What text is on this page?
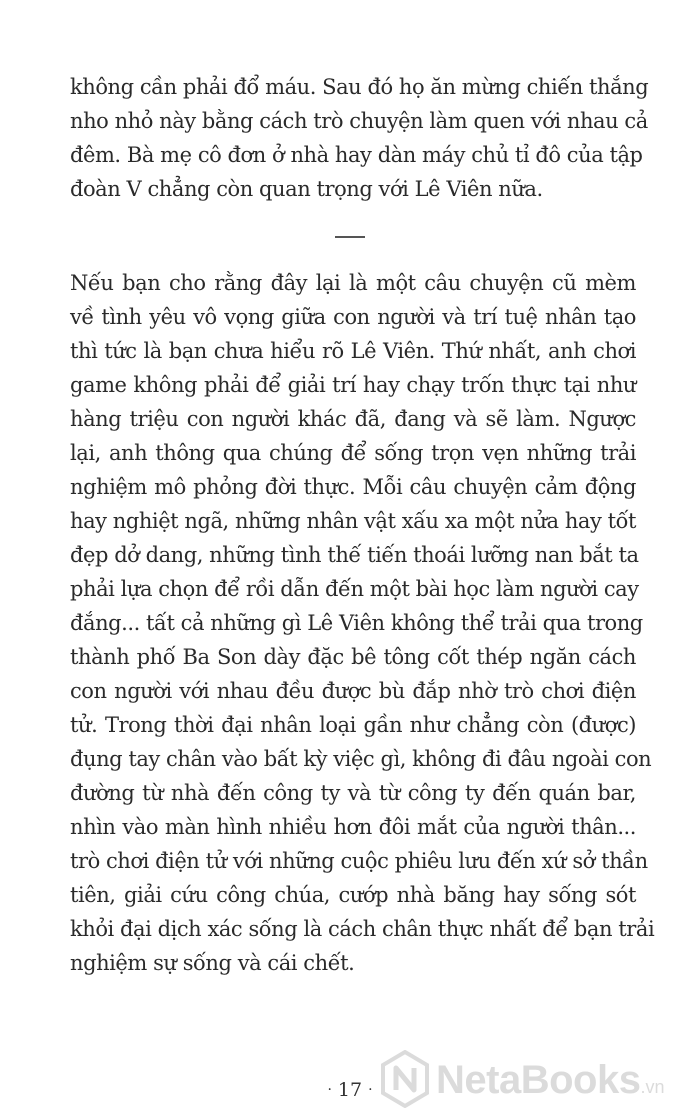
không cần phải đổ máu. Sau đó họ ăn mừng chiến thắng
nho nhỏ này bằng cách trò chuyện làm quen với nhau cả
đêm. Bà mẹ cô đơn ở nhà hay dàn máy chủ tỉ đô của tập
đoàn V chẳng còn quan trọng với Lê Viên nữa.
Nếu bạn cho rằng đây lại là một câu chuyện cũ mèm
về tình yêu vô vọng giữa con người và trí tuệ nhân tạo
thì tức là bạn chưa hiểu rõ Lê Viên. Thứ nhất, anh chơi
game không phải để giải trí hay chạy trốn thực tại như
hàng triệu con người khác đã, đang và sẽ làm. Ngược
lại, anh thông qua chúng để sống trọn vẹn những trải
nghiệm mô phỏng đời thực. Mỗi câu chuyện cảm động
hay nghiệt ngã, những nhân vật xấu xa một nửa hay tốt
đẹp dở dang, những tình thế tiến thoái lưỡng nan bắt ta
phải lựa chọn để rồi dẫn đến một bài học làm người cay
đắng... tất cả những gì Lê Viên không thể trải qua trong
thành phố Ba Son dày đặc bê tông cốt thép ngăn cách
con người với nhau đều được bù đắp nhờ trò chơi điện
tử. Trong thời đại nhân loại gần như chẳng còn (được)
đụng tay chân vào bất kỳ việc gì, không đi đâu ngoài con
đường từ nhà đến công ty và từ công ty đến quán bar,
nhìn vào màn hình nhiều hơn đôi mắt của người thân...
trò chơi điện tử với những cuộc phiêu lưu đến xứ sở thần
tiên, giải cứu công chúa, cướp nhà băng hay sống sót
khỏi đại dịch xác sống là cách chân thực nhất để bạn trải
nghiệm sự sống và cái chết.
· 17 ·	NetaBooks.vn
